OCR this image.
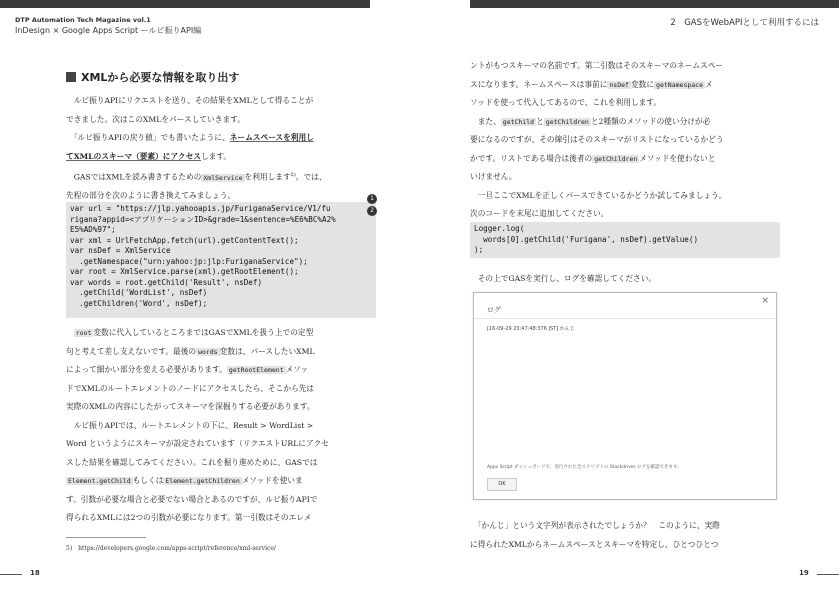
DTP Automation Tech Magazine vol.1
InDesign × Google Apps Script ールビ振りAPI編
XMLから必要な情報を取り出す
　ルビ振りAPIにリクエストを送り、その結果をXMLとして得ることが
できました。次はこのXMLをパースしていきます。
　「ルビ振りAPIの戻り値」でも書いたように、ネームスペースを利用し
てXMLのスキーマ（要素）にアクセスします。
　GASではXMLを読み書きするための XmlService を利用します$^{5)}$。では、
先程の部分を次のように書き換えてみましょう。
var url = "https://jlp.yahooapis.jp/FuriganaService/V1/fu
rigana?appid=<アプリケーションID>&grade=1&sentence=%E6%BC%A2%
E5%AD%97";
var xml = UrlFetchApp.fetch(url).getContentText();
var nsDef = XmlService
.getNamespace("urn:yahoo:jp:jlp:FuriganaService");
var root = XmlService.parse(xml).getRootElement();
var words = root.getChild('Result', nsDef)
.getChild('WordList', nsDef)
.getChildren('Word', nsDef);
1
2
　root 変数に代入しているところまではGASでXMLを扱う上での定型
句と考えて差し支えないです。最後の words 変数は、パースしたいXML
によって細かい部分を変える必要があります。 getRootElement メソッ
ドでXMLのルートエレメントのノードにアクセスしたら、そこから先は
実際のXMLの内容にしたがってスキーマを深掘りする必要があります。
　ルビ振りAPIでは、ルートエレメントの下に、Result > WordList >
Word というようにスキーマが設定されています（リクエストURLにアクセ
スした結果を確認してみてください）。これを掘り進めために、GASでは
Element.getChild もしくは Element.getChildren メソッドを使いま
す。引数が必要な場合と必要でない場合とあるのですが、ルビ振りAPIで
得られるXMLには2つの引数が必要になります。第一引数はそのエレメ
5)　https://developers.google.com/apps-script/reference/xml-service/
18
2　GASをWebAPIとして利用するには
ントがもつスキーマの名前です。第二引数はそのスキーマのネームスペー
スになります。ネームスペースは事前に nsDef 変数に getNamespace メ
ソッドを使って代入してあるので、これを利用します。
　また、 getChild と getChildren と2種類のメソッドの使い分けが必
要になるのですが、その線引はそのスキーマがリストになっているかどう
かです。リストである場合は後者の getChildren メソッドを使わないと
いけません。
　一旦ここでXMLを正しくパースできているかどうか試してみましょう。
次のコードを末尾に追加してください。
Logger.log(
words[0].getChild('Furigana', nsDef).getValue()
);
　その上でGASを実行し、ログを確認してください。
　「かんじ」という文字列が表示されたでしょうか？　このように、実際
に得られたXMLからネームスペースとスキーマを特定し、ひとつひとつ
19
×
ログ
[16-09-29 23:47:48:376 JST] かんじ
Apps Script ダッシュボードで、実行された全スクリプトの Stackdriver ログを確認できます。
OK
